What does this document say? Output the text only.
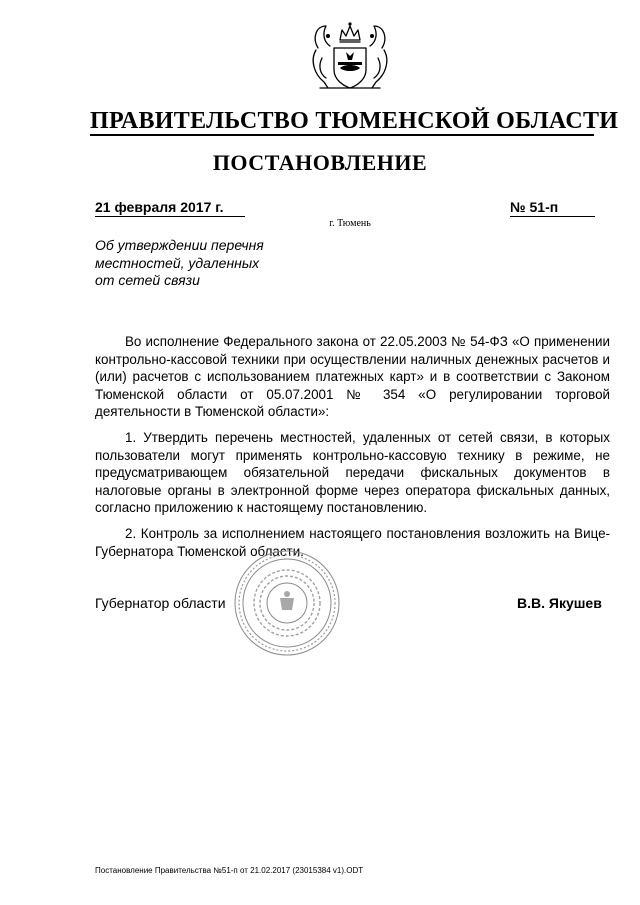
ПРАВИТЕЛЬСТВО ТЮМЕНСКОЙ ОБЛАСТИ
ПОСТАНОВЛЕНИЕ
21 февраля 2017 г.	№ 51-п
г. Тюмень
Об утверждении перечня
местностей, удаленных
от сетей связи

Во исполнение Федерального закона от 22.05.2003 № 54-ФЗ «О применении контрольно-кассовой техники при осуществлении наличных денежных расчетов и (или) расчетов с использованием платежных карт» и в соответствии с Законом Тюменской области от 05.07.2001 № 354 «О регулировании торговой деятельности в Тюменской области»:

1. Утвердить перечень местностей, удаленных от сетей связи, в которых пользователи могут применять контрольно-кассовую технику в режиме, не предусматривающем обязательной передачи фискальных документов в налоговые органы в электронной форме через оператора фискальных данных, согласно приложению к настоящему постановлению.

2. Контроль за исполнением настоящего постановления возложить на Вице-Губернатора Тюменской области.

Губернатор области	В.В. Якушев
Постановление Правительства №51-п от 21.02.2017 (23015384 v1).ODT
